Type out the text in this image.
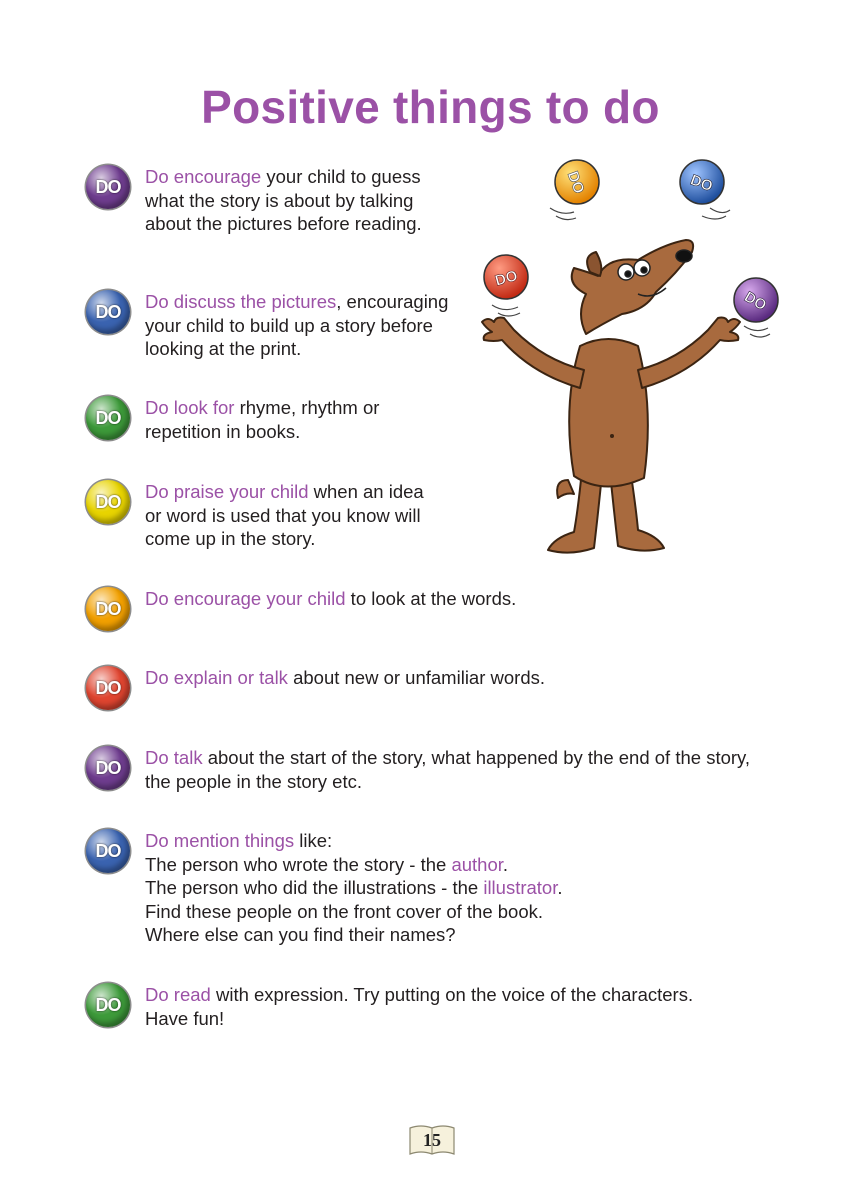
Positive things to do
DO	Do encourage your child to guess
what the story is about by talking
about the pictures before reading.
DO	Do discuss the pictures, encouraging
your child to build up a story before
looking at the print.
DO	Do look for rhyme, rhythm or
repetition in books.
DO	Do praise your child when an idea
or word is used that you know will
come up in the story.
DO	Do encourage your child to look at the words.
DO	Do explain or talk about new or unfamiliar words.
DO	Do talk about the start of the story, what happened by the end of the story,
the people in the story etc.
DO	Do mention things like:
The person who wrote the story - the author.
The person who did the illustrations - the illustrator.
Find these people on the front cover of the book.
Where else can you find their names?
DO	Do read with expression. Try putting on the voice of the characters.
Have fun!
DO	DO
DO
DO
15
